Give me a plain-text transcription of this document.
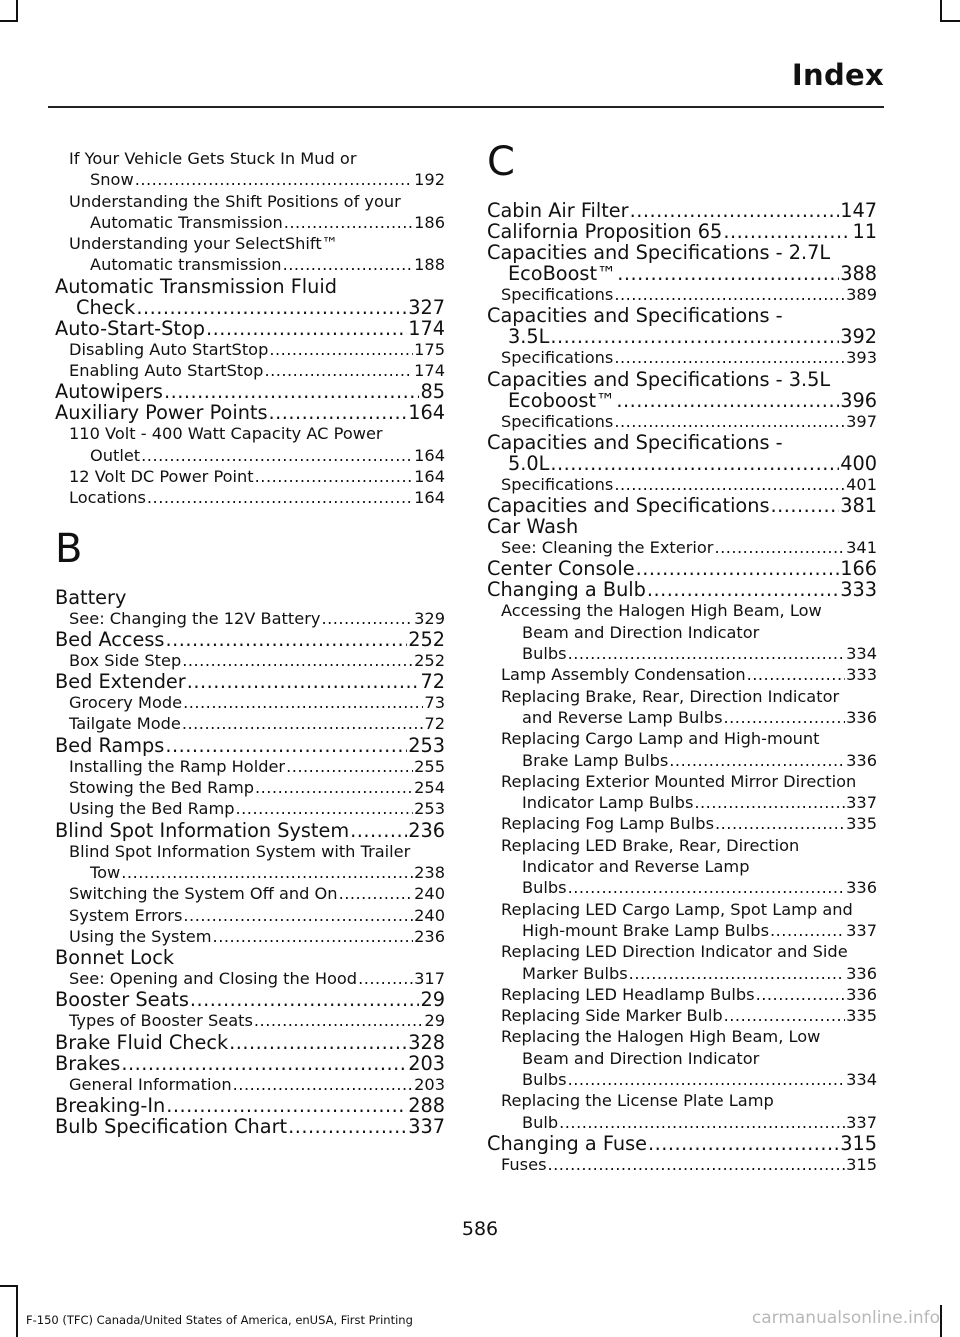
Index
If Your Vehicle Gets Stuck In Mud or
Snow .....	192
Understanding the Shift Positions of your
Automatic Transmission .....	186
Understanding your SelectShift™
Automatic transmission .....	188
Automatic Transmission Fluid
Check .....	327
Auto-Start-Stop .....	174
Disabling Auto StartStop .....	175
Enabling Auto StartStop .....	174
Autowipers .....	85
Auxiliary Power Points .....	164
110 Volt - 400 Watt Capacity AC Power
Outlet .....	164
12 Volt DC Power Point .....	164
Locations .....	164
B
Battery
See: Changing the 12V Battery .....	329
Bed Access .....	252
Box Side Step .....	252
Bed Extender .....	72
Grocery Mode .....	73
Tailgate Mode .....	72
Bed Ramps .....	253
Installing the Ramp Holder .....	255
Stowing the Bed Ramp .....	254
Using the Bed Ramp .....	253
Blind Spot Information System .....	236
Blind Spot Information System with Trailer
Tow .....	238
Switching the System Off and On .....	240
System Errors .....	240
Using the System .....	236
Bonnet Lock
See: Opening and Closing the Hood .....	317
Booster Seats .....	29
Types of Booster Seats .....	29
Brake Fluid Check .....	328
Brakes .....	203
General Information .....	203
Breaking-In .....	288
Bulb Specification Chart .....	337
C
Cabin Air Filter .....	147
California Proposition 65 .....	11
Capacities and Specifications - 2.7L
EcoBoost™ .....	388
Specifications .....	389
Capacities and Specifications -
3.5L .....	392
Specifications .....	393
Capacities and Specifications - 3.5L
Ecoboost™ .....	396
Specifications .....	397
Capacities and Specifications -
5.0L .....	400
Specifications .....	401
Capacities and Specifications .....	381
Car Wash
See: Cleaning the Exterior .....	341
Center Console .....	166
Changing a Bulb .....	333
Accessing the Halogen High Beam, Low
Beam and Direction Indicator
Bulbs .....	334
Lamp Assembly Condensation .....	333
Replacing Brake, Rear, Direction Indicator
and Reverse Lamp Bulbs .....	336
Replacing Cargo Lamp and High-mount
Brake Lamp Bulbs .....	336
Replacing Exterior Mounted Mirror Direction
Indicator Lamp Bulbs .....	337
Replacing Fog Lamp Bulbs .....	335
Replacing LED Brake, Rear, Direction
Indicator and Reverse Lamp
Bulbs .....	336
Replacing LED Cargo Lamp, Spot Lamp and
High-mount Brake Lamp Bulbs .....	337
Replacing LED Direction Indicator and Side
Marker Bulbs .....	336
Replacing LED Headlamp Bulbs .....	336
Replacing Side Marker Bulb .....	335
Replacing the Halogen High Beam, Low
Beam and Direction Indicator
Bulbs .....	334
Replacing the License Plate Lamp
Bulb .....	337
Changing a Fuse .....	315
Fuses .....	315
586
F-150 (TFC) Canada/United States of America, enUSA, First Printing	carmanualsonline.info
